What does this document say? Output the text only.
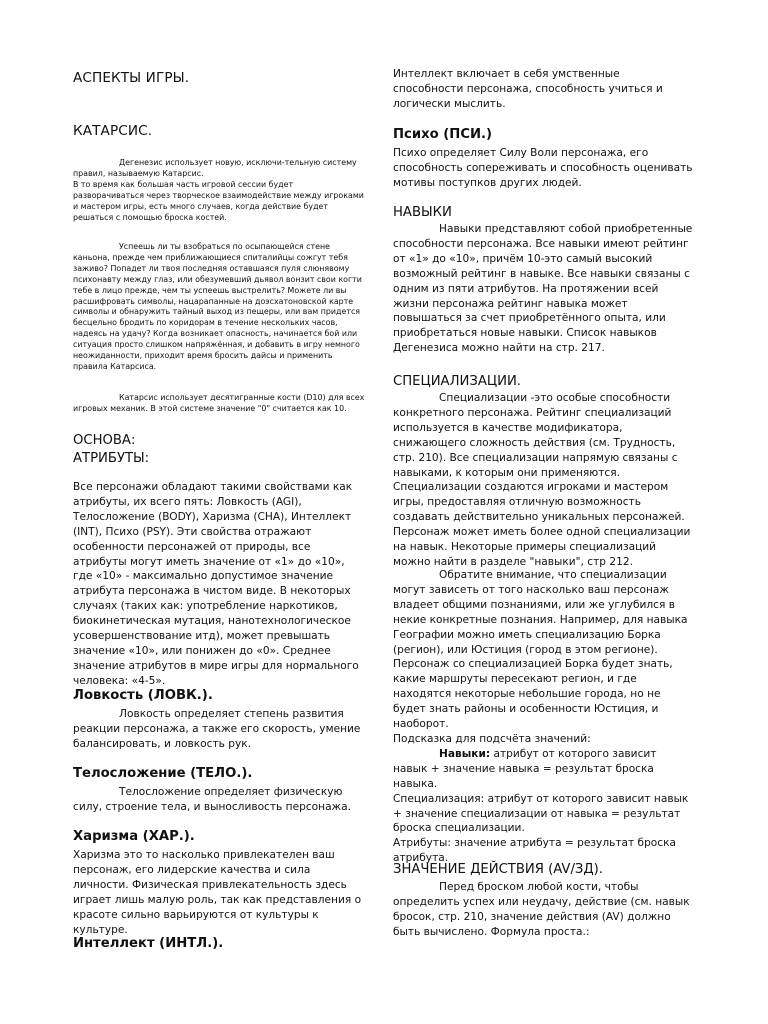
АСПЕКТЫ ИГРЫ.
КАТАРСИС.

Дегенезис использует новую, исключи-тельную систему правил, называемую Катарсис.

В то время как большая часть игровой сессии будет разворачиваться через творческое взаимодействие между игроками и мастером игры, есть много случаев, когда действие будет решаться с помощью броска костей.

Успеешь ли ты взобраться по осыпающейся стене каньона, прежде чем приближающиеся спиталийцы сожгут тебя заживо? Попадет ли твоя последняя оставшаяся пуля слюнявому психонавту между глаз, или обезумевший дьявол вонзит свои когти тебе в лицо прежде, чем ты успеешь выстрелить? Можете ли вы расшифровать символы, нацарапанные на доэсхатоновской карте символы и обнаружить тайный выход из пещеры, или вам придется бесцельно бродить по коридорам в течение нескольких часов, надеясь на удачу? Когда возникает опасность, начинается бой или ситуация просто слишком напряжённая, и добавить в игру немного неожиданности, приходит время бросить дайсы и применить правила Катарсиса.

Катарсис использует десятигранные кости (D10) для всех игровых механик. В этой системе значение "0" считается как 10.

ОСНОВА:
АТРИБУТЫ:

Все персонажи обладают такими свойствами как атрибуты, их всего пять: Ловкость (AGI), Телосложение (BODY), Харизма (CHA), Интеллект (INT), Психо (PSY). Эти свойства отражают особенности персонажей от природы, все атрибуты могут иметь значение от «1» до «10», где «10» - максимально допустимое значение атрибута персонажа в чистом виде. В некоторых случаях (таких как: употребление наркотиков, биокинетическая мутация, нанотехнологическое усовершенствование итд), может превышать значение «10», или понижен до «0». Среднее значение атрибутов в мире игры для нормального человека: «4-5».

Ловкость (ЛОВК.).

Ловкость определяет степень развития реакции персонажа, а также его скорость, умение балансировать, и ловкость рук.

Телосложение (ТЕЛО.).

Телосложение определяет физическую силу, строение тела, и выносливость персонажа.

Харизма (ХАР.).

Харизма это то насколько привлекателен ваш персонаж, его лидерские качества и сила личности. Физическая привлекательность здесь играет лишь малую роль, так как представления о красоте сильно варьируются от культуры к культуре.

Интеллект (ИНТЛ.).

Интеллект включает в себя умственные способности персонажа, способность учиться и логически мыслить.

Психо (ПСИ.)

Психо определяет Силу Воли персонажа, его способность сопереживать и способность оценивать мотивы поступков других людей.

НАВЫКИ

Навыки представляют собой приобретенные способности персонажа. Все навыки имеют рейтинг от «1» до «10», причём 10-это самый высокий возможный рейтинг в навыке. Все навыки связаны с одним из пяти атрибутов. На протяжении всей жизни персонажа рейтинг навыка может повышаться за счет приобретённого опыта, или приобретаться новые навыки. Список навыков Дегенезиса можно найти на стр. 217.

СПЕЦИАЛИЗАЦИИ.

Специализации -это особые способности конкретного персонажа. Рейтинг специализаций используется в качестве модификатора, снижающего сложность действия (см. Трудность, стр. 210). Все специализации напрямую связаны с навыками, к которым они применяются. Специализации создаются игроками и мастером игры, предоставляя отличную возможность создавать действительно уникальных персонажей. Персонаж может иметь более одной специализации на навык. Некоторые примеры специализаций можно найти в разделе "навыки", стр 212.

Обратите внимание, что специализации могут зависеть от того насколько ваш персонаж владеет общими познаниями, или же углубился в некие конкретные познания. Например, для навыка Географии можно иметь специализацию Борка (регион), или Юстиция (город в этом регионе). Персонаж со специализацией Борка будет знать, какие маршруты пересекают регион, и где находятся некоторые небольшие города, но не будет знать районы и особенности Юстиция, и наоборот.

Подсказка для подсчёта значений:

Навыки: атрибут от которого зависит навык + значение навыка = результат броска навыка.

Специализация: атрибут от которого зависит навык + значение специализации от навыка = результат броска специализации.

Атрибуты: значение атрибута = результат броска атрибута.

ЗНАЧЕНИЕ ДЕЙСТВИЯ (AV/ЗД).

Перед броском любой кости, чтобы определить успех или неудачу, действие (см. навык бросок, стр. 210, значение действия (AV) должно быть вычислено. Формула проста.:
